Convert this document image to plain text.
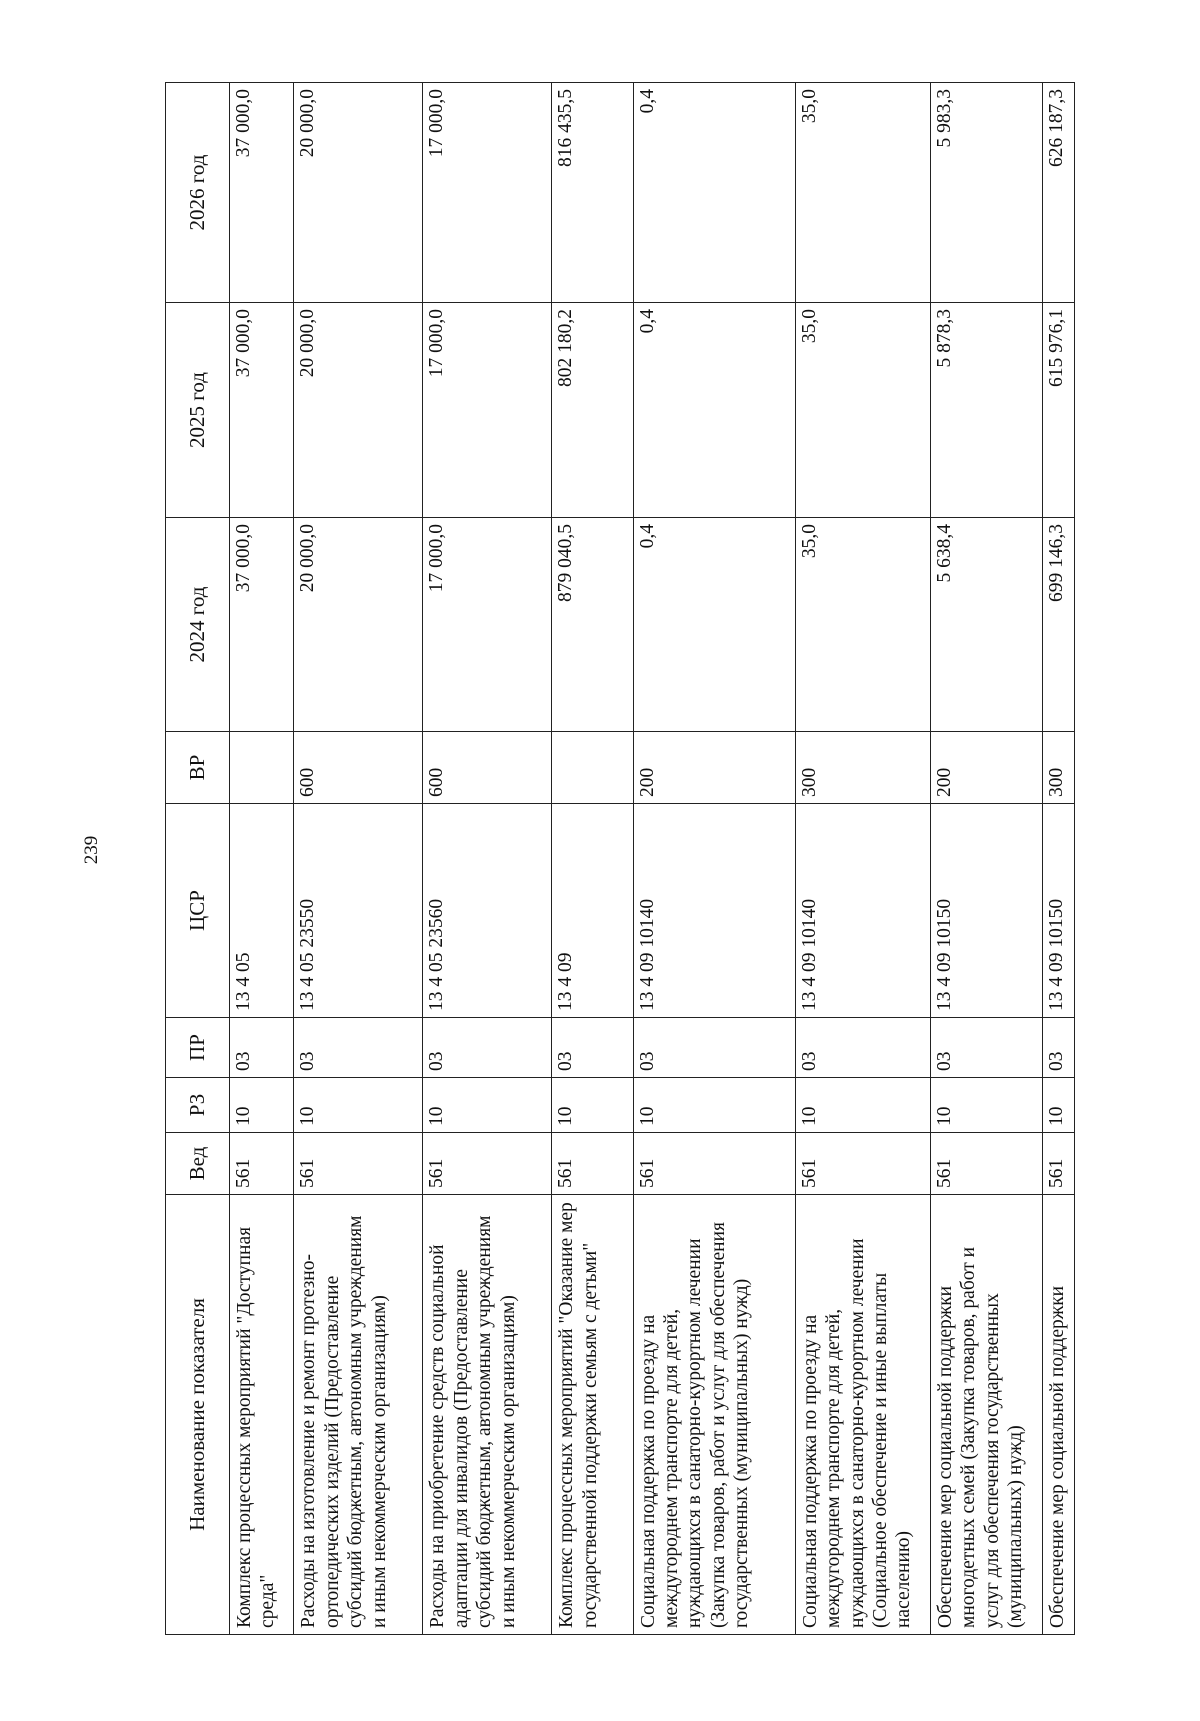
239
Наименование показателя	Вед	РЗ	ПР	ЦСР	ВР	2024 год	2025 год	2026 год
Комплекс процессных мероприятий "Доступная среда"	561	10	03	13 4 05		37 000,0	37 000,0	37 000,0
Расходы на изготовление и ремонт протезно-ортопедических изделий (Предоставление субсидий бюджетным, автономным учреждениям и иным некоммерческим организациям)	561	10	03	13 4 05 23550	600	20 000,0	20 000,0	20 000,0
Расходы на приобретение средств социальной адаптации для инвалидов (Предоставление субсидий бюджетным, автономным учреждениям и иным некоммерческим организациям)	561	10	03	13 4 05 23560	600	17 000,0	17 000,0	17 000,0
Комплекс процессных мероприятий "Оказание мер государственной поддержки семьям с детьми"	561	10	03	13 4 09		879 040,5	802 180,2	816 435,5
Социальная поддержка по проезду на междугороднем транспорте для детей, нуждающихся в санаторно-курортном лечении (Закупка товаров, работ и услуг для обеспечения государственных (муниципальных) нужд)	561	10	03	13 4 09 10140	200	0,4	0,4	0,4
Социальная поддержка по проезду на междугороднем транспорте для детей, нуждающихся в санаторно-курортном лечении (Социальное обеспечение и иные выплаты населению)	561	10	03	13 4 09 10140	300	35,0	35,0	35,0
Обеспечение мер социальной поддержки многодетных семей (Закупка товаров, работ и услуг для обеспечения государственных (муниципальных) нужд)	561	10	03	13 4 09 10150	200	5 638,4	5 878,3	5 983,3
Обеспечение мер социальной поддержки	561	10	03	13 4 09 10150	300	699 146,3	615 976,1	626 187,3
